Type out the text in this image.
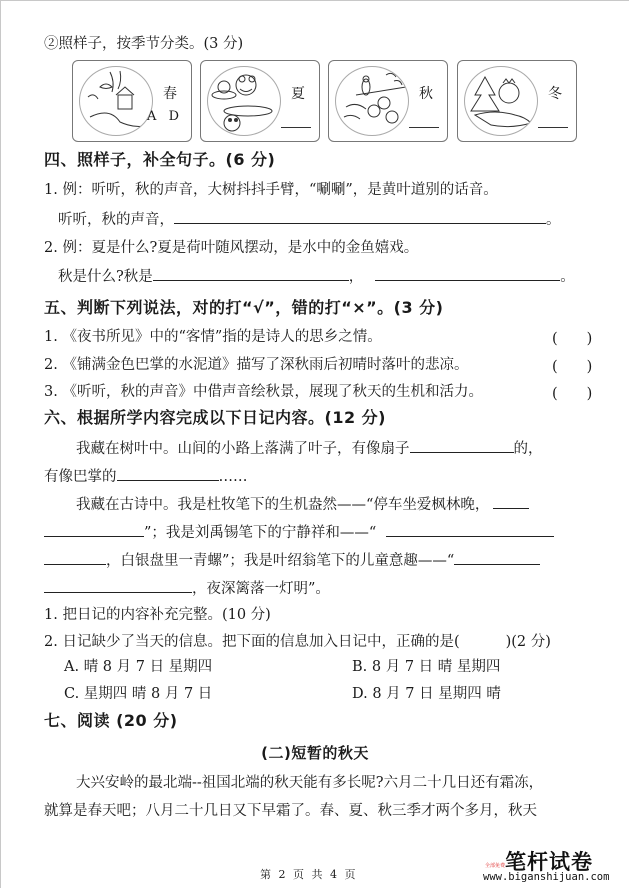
②照样子，按季节分类。(3 分)
春
A D
夏	秋	冬
四、照样子，补全句子。(6 分)
1. 例：听听，秋的声音，大树抖抖手臂，“唰唰”，是黄叶道别的话音。
听听，秋的声音，	。
2. 例：夏是什么?夏是荷叶随风摆动，是水中的金鱼嬉戏。
秋是什么?秋是	，	。
五、判断下列说法，对的打“√”，错的打“×”。(3 分)
1. 《夜书所见》中的“客情”指的是诗人的思乡之情。	(　　)
2. 《铺满金色巴掌的水泥道》描写了深秋雨后初晴时落叶的悲凉。	(　　)
3. 《听听，秋的声音》中借声音绘秋景，展现了秋天的生机和活力。	(　　)
六、根据所学内容完成以下日记内容。(12 分)
我藏在树叶中。山间的小路上落满了叶子，有像扇子	的，
有像巴掌的	……
我藏在古诗中。我是杜牧笔下的生机盎然——“停车坐爱枫林晚，
”；我是刘禹锡笔下的宁静祥和——“
，白银盘里一青螺”；我是叶绍翁笔下的儿童意趣——“
，夜深篱落一灯明”。
1. 把日记的内容补充完整。(10 分)
2. 日记缺少了当天的信息。把下面的信息加入日记中，正确的是(	)(2 分)
A. 晴 8 月 7 日 星期四	B. 8 月 7 日 晴 星期四
C. 星期四 晴 8 月 7 日	D. 8 月 7 日 星期四 晴
七、阅读 (20 分)
(二)短暂的秋天
大兴安岭的最北端--祖国北端的秋天能有多长呢?六月二十几日还有霜冻，
就算是春天吧；八月二十几日又下早霜了。春、夏、秋三季才两个多月，秋天
第 2 页 共 4 页
全部免费 笔杆试卷
www.biganshijuan.com
